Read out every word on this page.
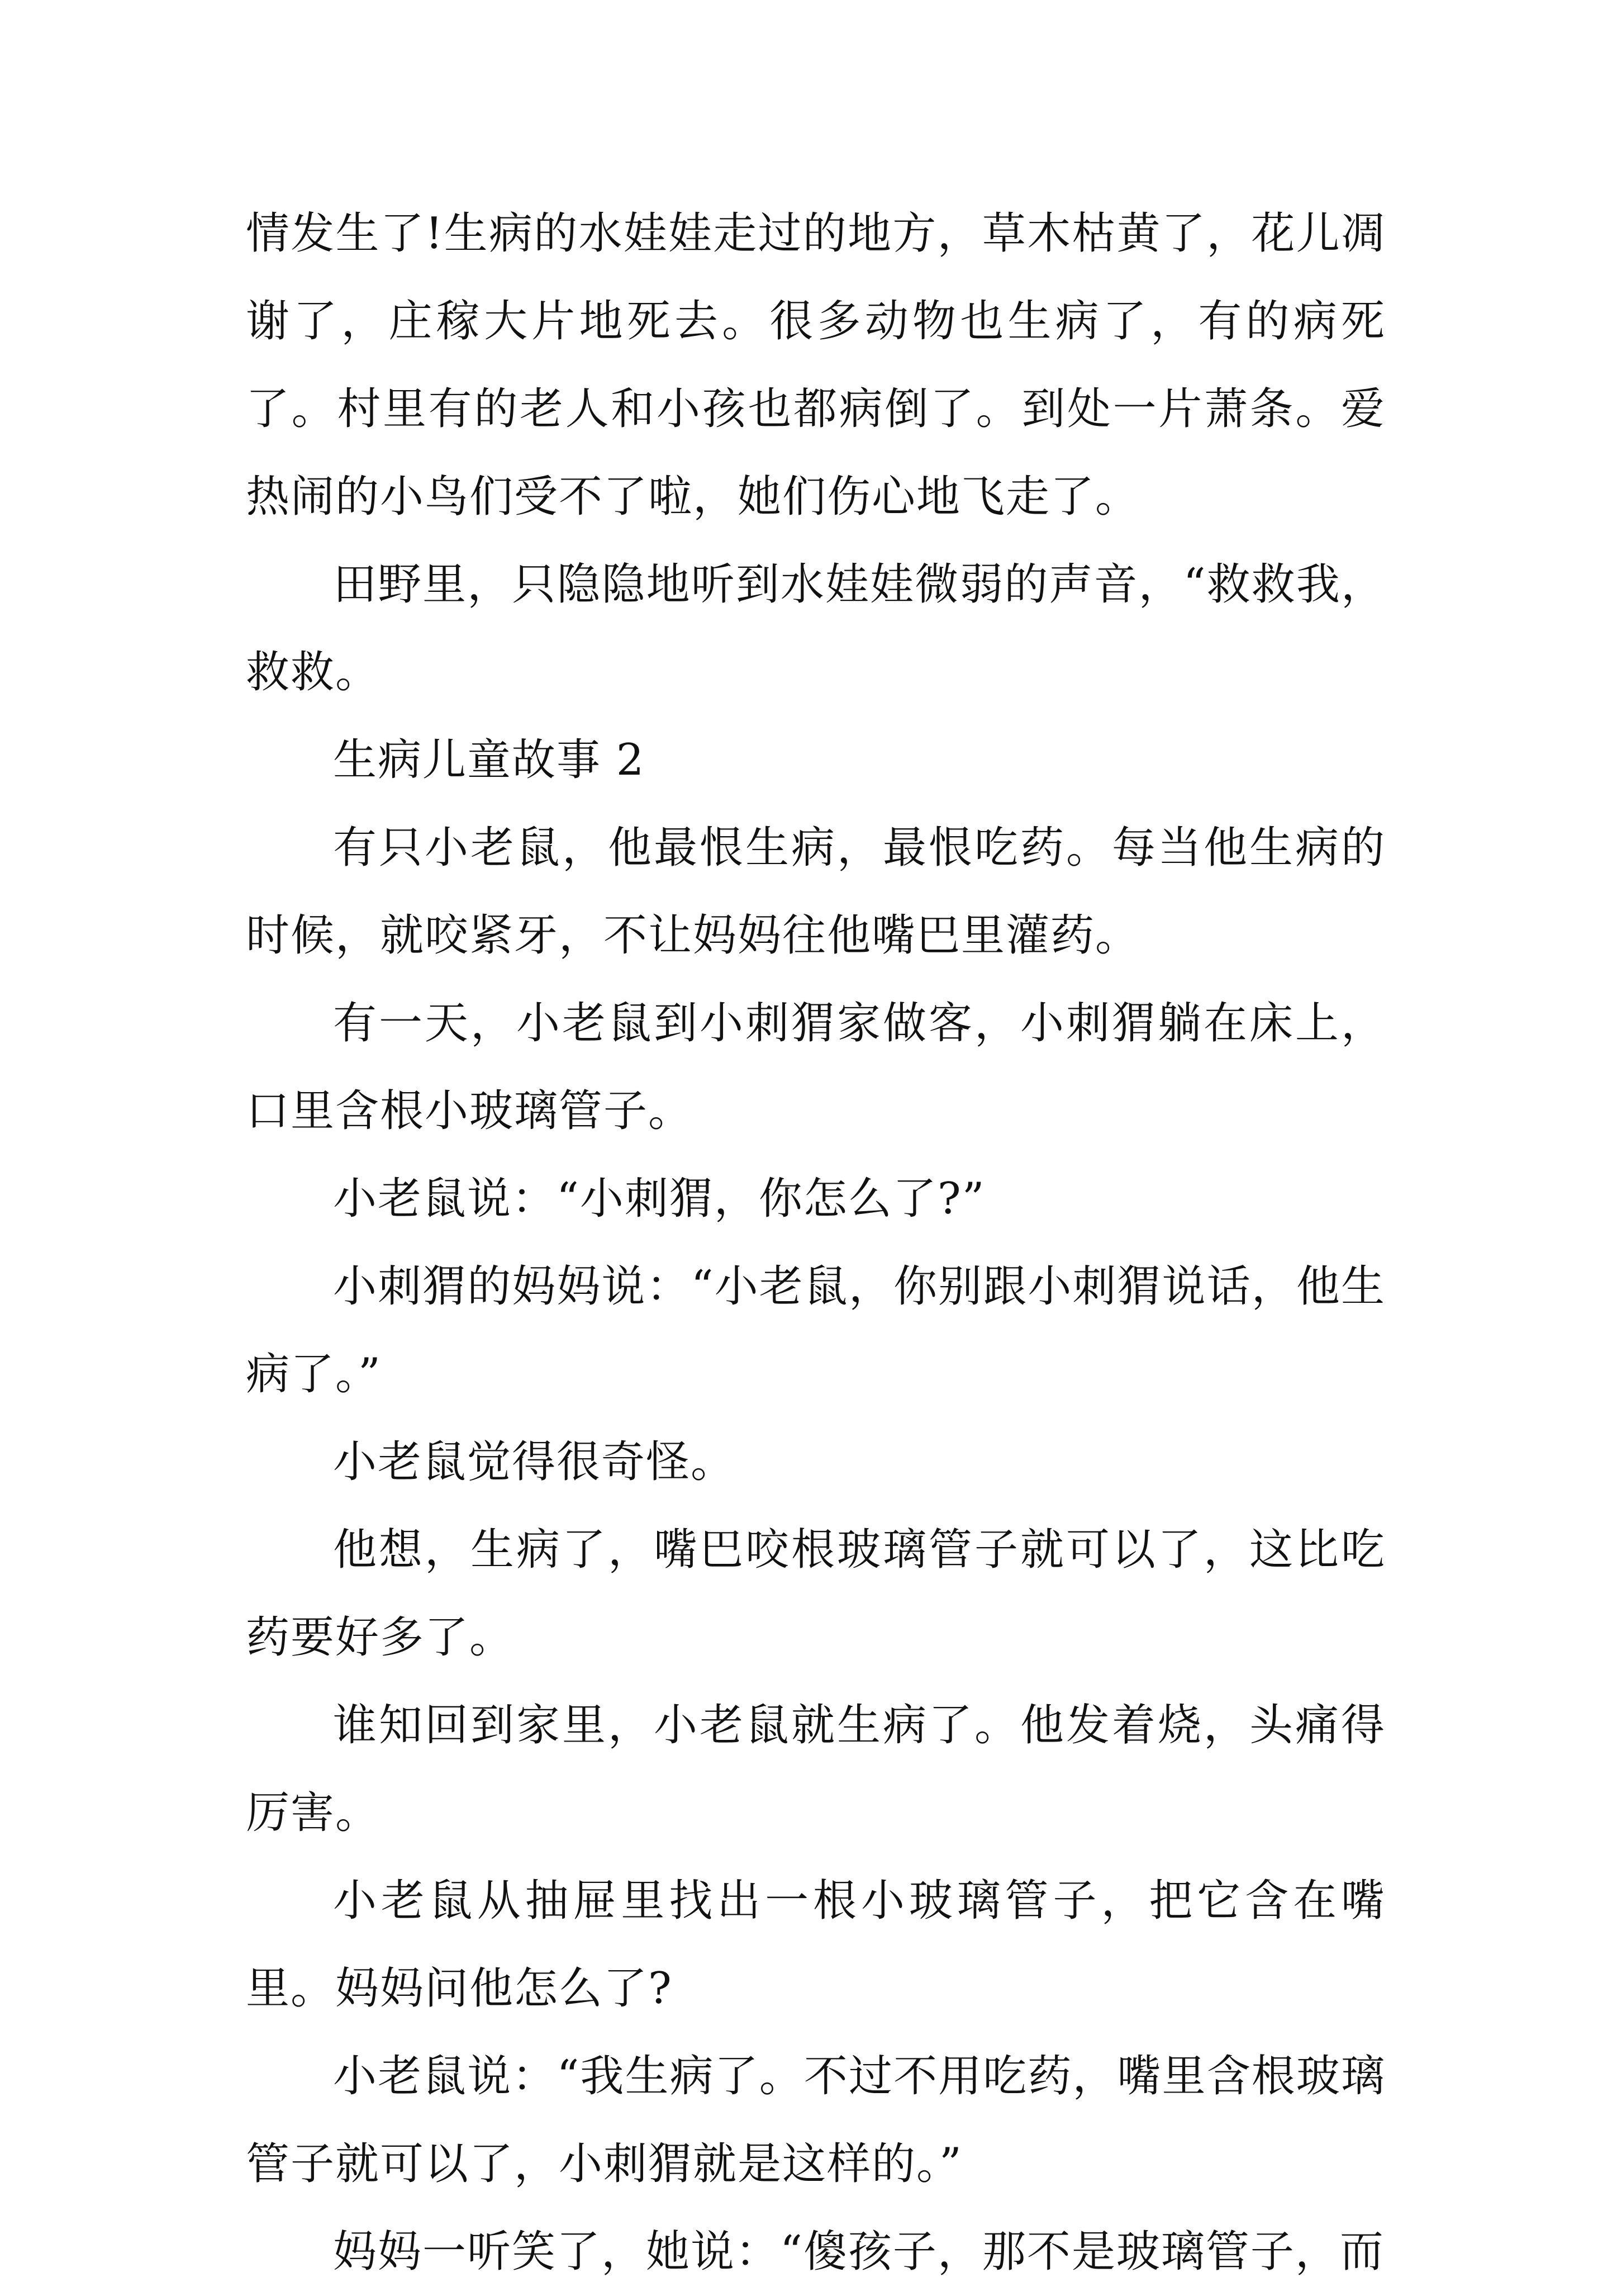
情发生了!生病的水娃娃走过的地方，草木枯黄了，花儿凋谢了，庄稼大片地死去。很多动物也生病了，有的病死了。村里有的老人和小孩也都病倒了。到处一片萧条。爱热闹的小鸟们受不了啦，她们伤心地飞走了。

田野里，只隐隐地听到水娃娃微弱的声音，“救救我，救救。

生病儿童故事 2

有只小老鼠，他最恨生病，最恨吃药。每当他生病的时候，就咬紧牙，不让妈妈往他嘴巴里灌药。

有一天，小老鼠到小刺猬家做客，小刺猬躺在床上，口里含根小玻璃管子。

小老鼠说：“小刺猬，你怎么了?”

小刺猬的妈妈说：“小老鼠，你别跟小刺猬说话，他生病了。”

小老鼠觉得很奇怪。

他想，生病了，嘴巴咬根玻璃管子就可以了，这比吃药要好多了。

谁知回到家里，小老鼠就生病了。他发着烧，头痛得厉害。

小老鼠从抽屉里找出一根小玻璃管子，把它含在嘴里。妈妈问他怎么了?

小老鼠说：“我生病了。不过不用吃药，嘴里含根玻璃管子就可以了，小刺猬就是这样的。”

妈妈一听笑了，她说：“傻孩子，那不是玻璃管子，而
